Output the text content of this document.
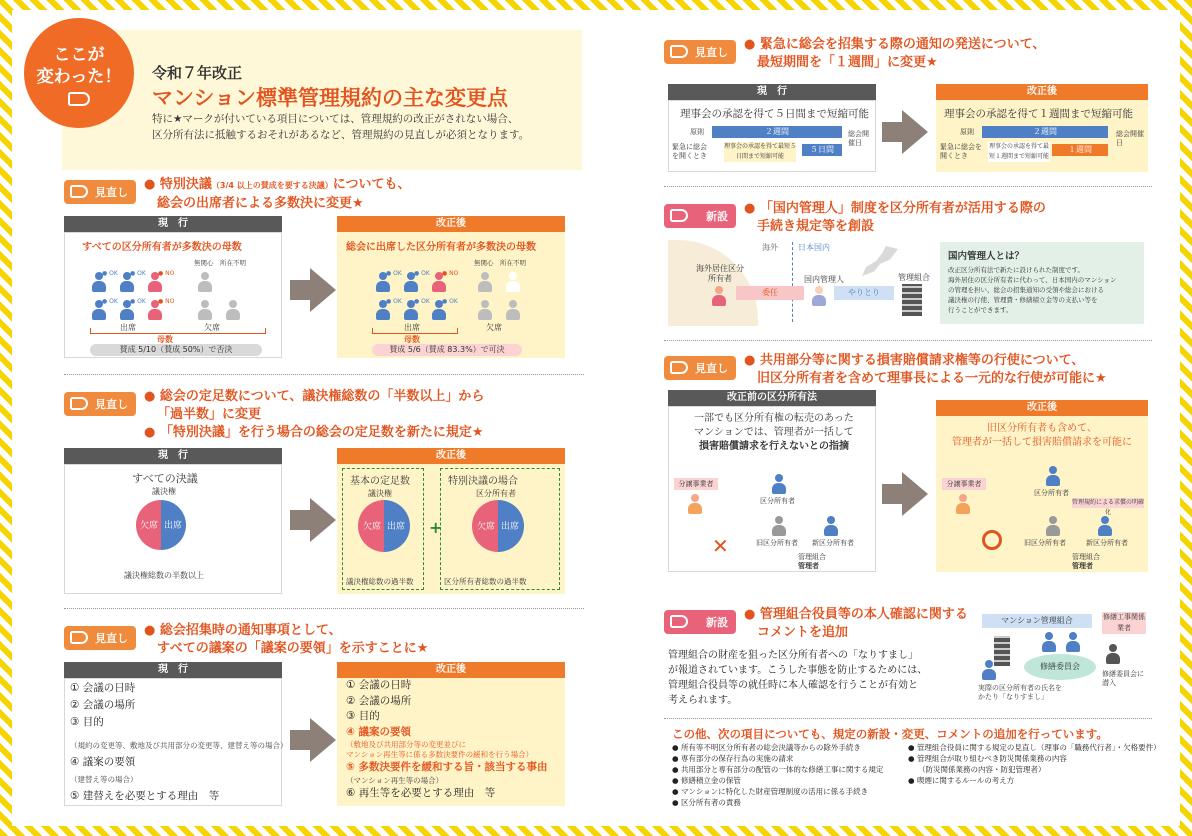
ここが
変わった！	令和７年改正
マンション標準管理規約の主な変更点
特に★マークが付いている項目については、管理規約の改正がされない場合、
区分所有法に抵触するおそれがあるなど、管理規約の見直しが必須となります。
見直し
● 特別決議（3/4 以上の賛成を要する決議）についても、
総会の出席者による多数決に変更★
現　行
すべての区分所有者が多数決の母数
改正後
総会に出席した区分所有者が多数決の母数
出席	欠席
母数
賛成 5/10（賛成 50%）で否決
出席	欠席
母数
賛成 5/6（賛成 83.3%）で可決
見直し
● 総会の定足数について、議決権総数の「半数以上」から
「過半数」に変更
● 「特別決議」を行う場合の総会の定足数を新たに規定★
現　行
すべての決議
議決権
欠席 出席
議決権総数の半数以上
改正後
基本の定足数	特別決議の場合
議決権	区分所有者
欠席 出席	欠席 出席
+
議決権総数の過半数	区分所有者総数の過半数
見直し
● 総会招集時の通知事項として、
すべての議案の「議案の要領」を示すことに★
現　行
① 会議の日時
② 会議の場所
③ 目的
（規約の変更等、敷地及び共用部分の変更等、建替え等の場合）
④ 議案の要領
（建替え等の場合）
⑤ 建替えを必要とする理由　等
改正後
① 会議の日時
② 会議の場所
③ 目的
④ 議案の要領
（敷地及び共用部分等の変更並びに
マンション再生等に係る多数決要件の緩和を行う場合）
⑤ 多数決要件を緩和する旨・該当する事由
（マンション再生等の場合）
⑥ 再生等を必要とする理由　等
見直し
● 緊急に総会を招集する際の通知の発送について、
最短期間を「１週間」に変更★
現　行
理事会の承認を得て５日間まで短縮可能
改正後
理事会の承認を得て１週間まで短縮可能
２週間
５日間
理事会の承認を得て最短５日間まで短縮可能
原則
緊急に総会を開くとき
総会開催日
２週間
１週間
理事会の承認を得て最短１週間まで短縮可能
原則
緊急に総会を開くとき
総会開催日
新設
● 「国内管理人」制度を区分所有者が活用する際の
手続き規定等を創設
海外	日本国内
海外居住区分所有者
委任
国内管理人
やりとり
管理組合
国内管理人とは？
改正区分所有法で新たに設けられた制度です。
海外居住の区分所有者に代わって、日本国内のマンション
の管理を担い、総会の招集通知の受領や総会における
議決権の行使、管理費・修繕積立金等の支払い等を
行うことができます。
見直し
● 共用部分等に関する損害賠償請求権等の行使について、
旧区分所有者を含めて理事長による一元的な行使が可能に★
改正前の区分所有法
一部でも区分所有権の転売のあった
マンションでは、管理者が一括して
損害賠償請求を行えないとの指摘
分譲事業者
区分所有者
旧区分所有者 新区分所有者
✕	管理組合
管理者
改正後
旧区分所有者も含めて、
管理者が一括して損害賠償請求を可能に
分譲事業者
区分所有者
管理規約による求償の明確化
旧区分所有者	新区分所有者
管理組合
管理者
新設
● 管理組合役員等の本人確認に関する
コメントを追加
管理組合の財産を狙った区分所有者への「なりすまし」
が報道されています。こうした事態を防止するためには、
管理組合役員等の就任時に本人確認を行うことが有効と
考えられます。
マンション管理組合	修繕工事関係業者
修繕委員会
実際の区分所有者の氏名をかたり「なりすまし」
修繕委員会に潜入
この他、次の項目についても、規定の新設・変更、コメントの追加を行っています。
● 所有等不明区分所有者の総会決議等からの除外手続き
● 専有部分の保存行為の実施の請求
● 共用部分と専有部分の配管の一体的な修繕工事に関する規定
● 修繕積立金の保管
● マンションに特化した財産管理制度の活用に係る手続き
● 区分所有者の責務
● 管理組合役員に関する規定の見直し（理事の「職務代行者」・欠格要件）
● 管理組合が取り組むべき防災関係業務の内容
（防災関係業務の内容・防犯管理者）
● 喫煙に関するルールの考え方
● OK ● OK ● NO
● OK ● OK ● NO
● OK ● OK ● NO
● OK ● OK ● OK
無関心 所在不明	無関心 所在不明
